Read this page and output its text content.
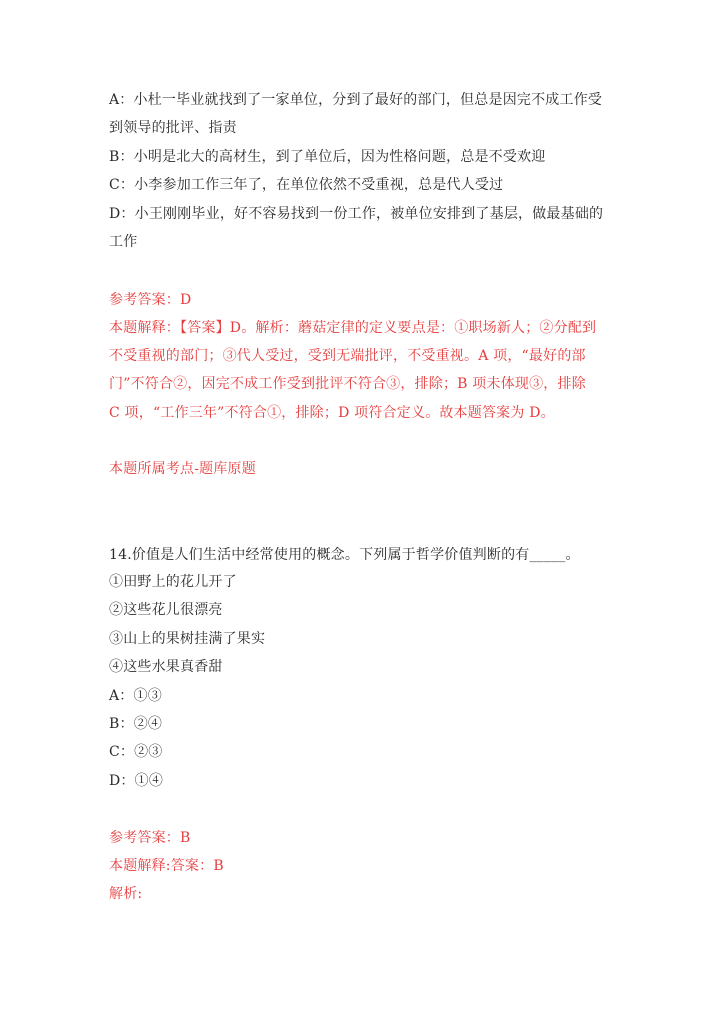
A：小杜一毕业就找到了一家单位，分到了最好的部门，但总是因完不成工作受
到领导的批评、指责
B：小明是北大的高材生，到了单位后，因为性格问题，总是不受欢迎
C：小李参加工作三年了，在单位依然不受重视，总是代人受过
D：小王刚刚毕业，好不容易找到一份工作，被单位安排到了基层，做最基础的
工作
参考答案：D
本题解释：【答案】D。解析：蘑菇定律的定义要点是：①职场新人；②分配到
不受重视的部门；③代人受过，受到无端批评，不受重视。A 项，“最好的部
门”不符合②，因完不成工作受到批评不符合③，排除；B 项未体现③，排除
C 项，“工作三年”不符合①，排除；D 项符合定义。故本题答案为 D。
本题所属考点-题库原题
14.价值是人们生活中经常使用的概念。下列属于哲学价值判断的有_____。
①田野上的花儿开了
②这些花儿很漂亮
③山上的果树挂满了果实
④这些水果真香甜
A：①③
B：②④
C：②③
D：①④
参考答案：B
本题解释:答案：B
解析:
